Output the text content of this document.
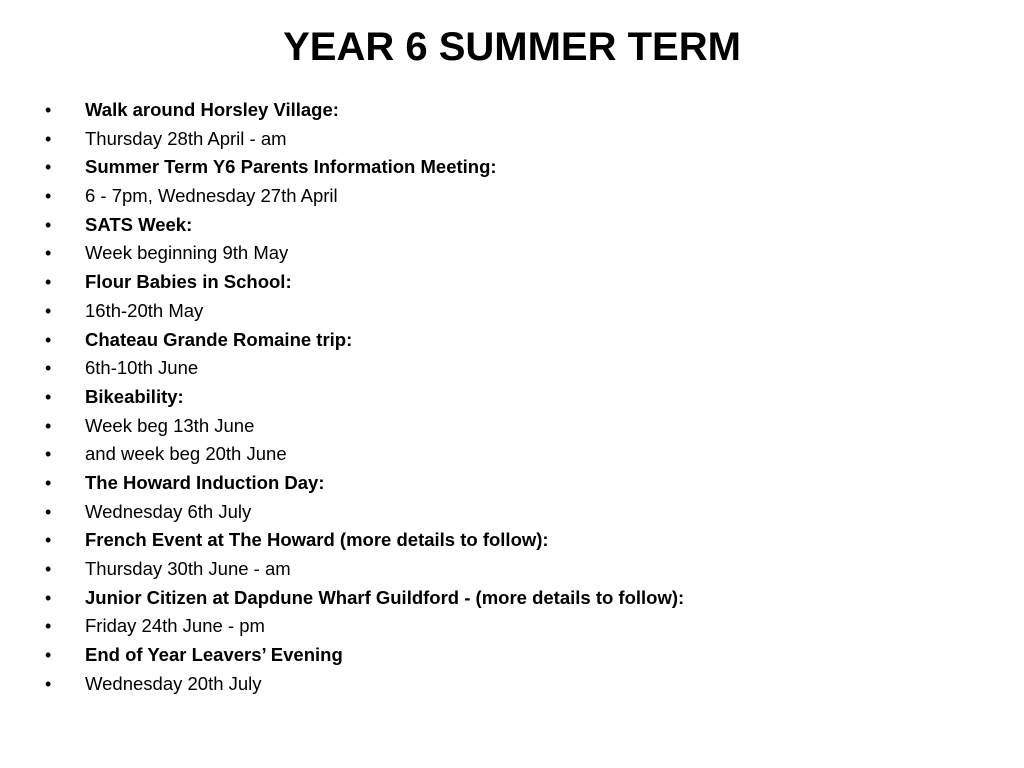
YEAR 6 SUMMER TERM
• Walk around Horsley Village:
• Thursday 28th April - am
• Summer Term Y6 Parents Information Meeting:
• 6 - 7pm, Wednesday 27th April
• SATS Week:
• Week beginning 9th May
• Flour Babies in School:
• 16th-20th May
• Chateau Grande Romaine trip:
• 6th-10th June
• Bikeability:
• Week beg 13th June
• and week beg 20th June
• The Howard Induction Day:
• Wednesday 6th July
• French Event at The Howard (more details to follow):
• Thursday 30th June - am
• Junior Citizen at Dapdune Wharf Guildford - (more details to follow):
• Friday 24th June - pm
• End of Year Leavers’ Evening
• Wednesday 20th July
